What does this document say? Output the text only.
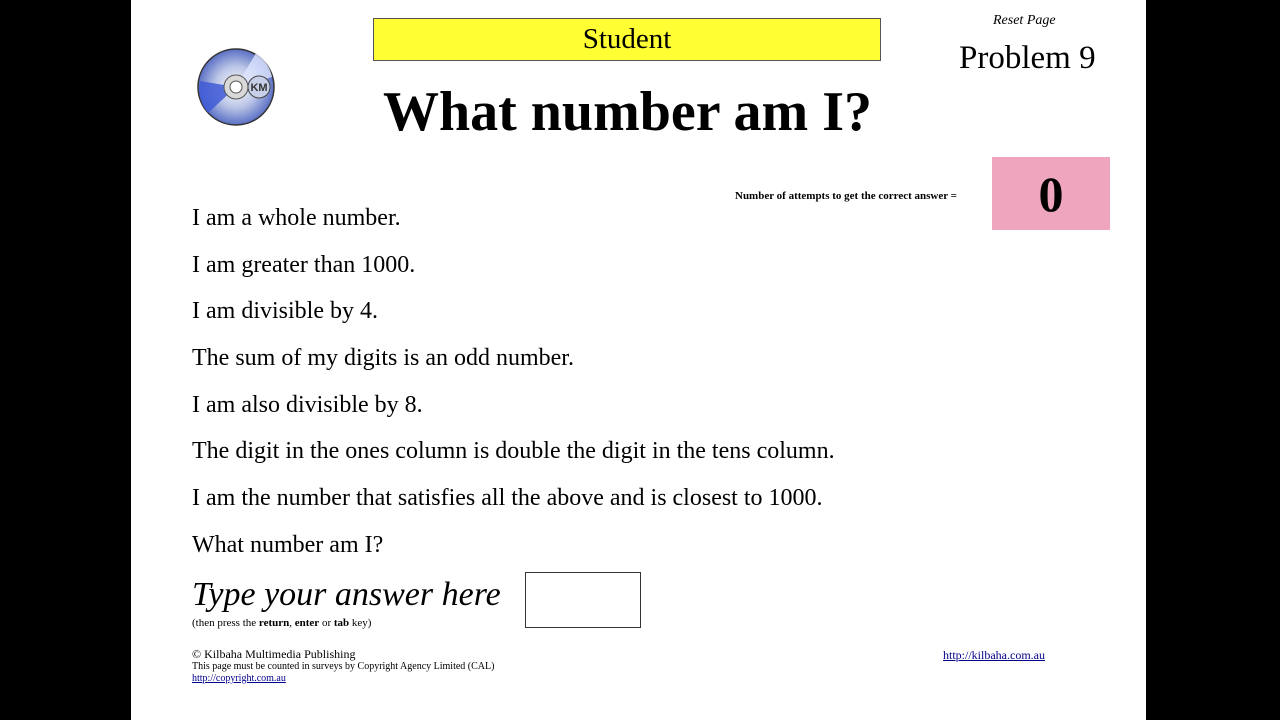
Student
Reset Page
Problem 9
KM	What number am I?
Number of attempts to get the correct answer = 0
I am a whole number.
I am greater than 1000.
I am divisible by 4.
The sum of my digits is an odd number.
I am also divisible by 8.
The digit in the ones column is double the digit in the tens column.
I am the number that satisfies all the above and is closest to 1000.
What number am I?
Type your answer here
(then press the return, enter or tab key)
© Kilbaha Multimedia Publishing
This page must be counted in surveys by Copyright Agency Limited (CAL)
http://copyright.com.au
http://kilbaha.com.au
